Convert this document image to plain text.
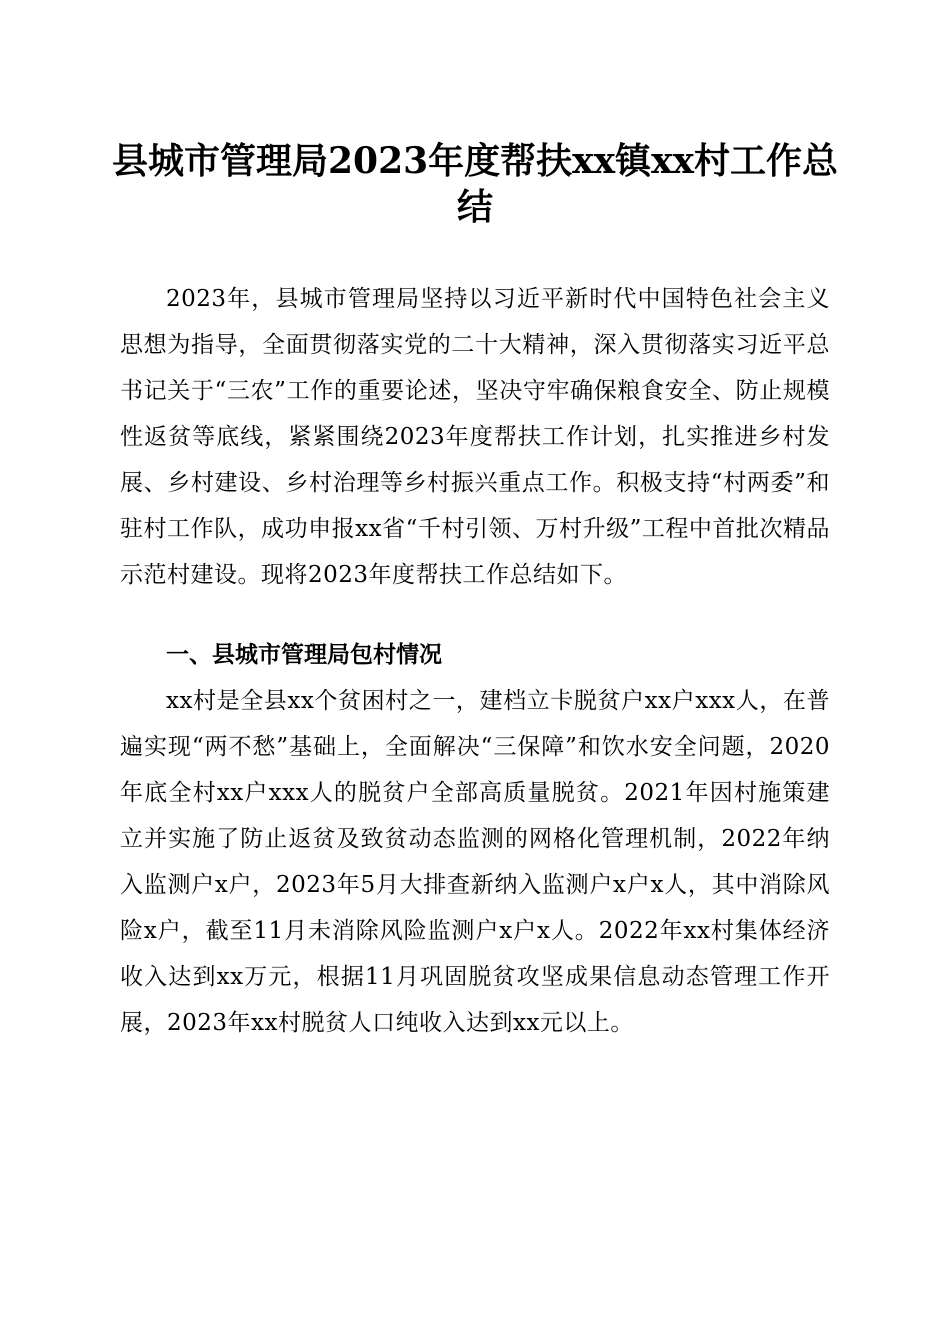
县城市管理局2023年度帮扶xx镇xx村工作总结

2023年，县城市管理局坚持以习近平新时代中国特色社会主义思想为指导，全面贯彻落实党的二十大精神，深入贯彻落实习近平总书记关于“三农”工作的重要论述，坚决守牢确保粮食安全、防止规模性返贫等底线，紧紧围绕2023年度帮扶工作计划，扎实推进乡村发展、乡村建设、乡村治理等乡村振兴重点工作。积极支持“村两委”和驻村工作队，成功申报xx省“千村引领、万村升级”工程中首批次精品示范村建设。现将2023年度帮扶工作总结如下。

一、县城市管理局包村情况

xx村是全县xx个贫困村之一，建档立卡脱贫户xx户xxx人，在普遍实现“两不愁”基础上，全面解决“三保障”和饮水安全问题，2020年底全村xx户xxx人的脱贫户全部高质量脱贫。2021年因村施策建立并实施了防止返贫及致贫动态监测的网格化管理机制，2022年纳入监测户x户，2023年5月大排查新纳入监测户x户x人，其中消除风险x户，截至11月未消除风险监测户x户x人。2022年xx村集体经济收入达到xx万元，根据11月巩固脱贫攻坚成果信息动态管理工作开展，2023年xx村脱贫人口纯收入达到xx元以上。
